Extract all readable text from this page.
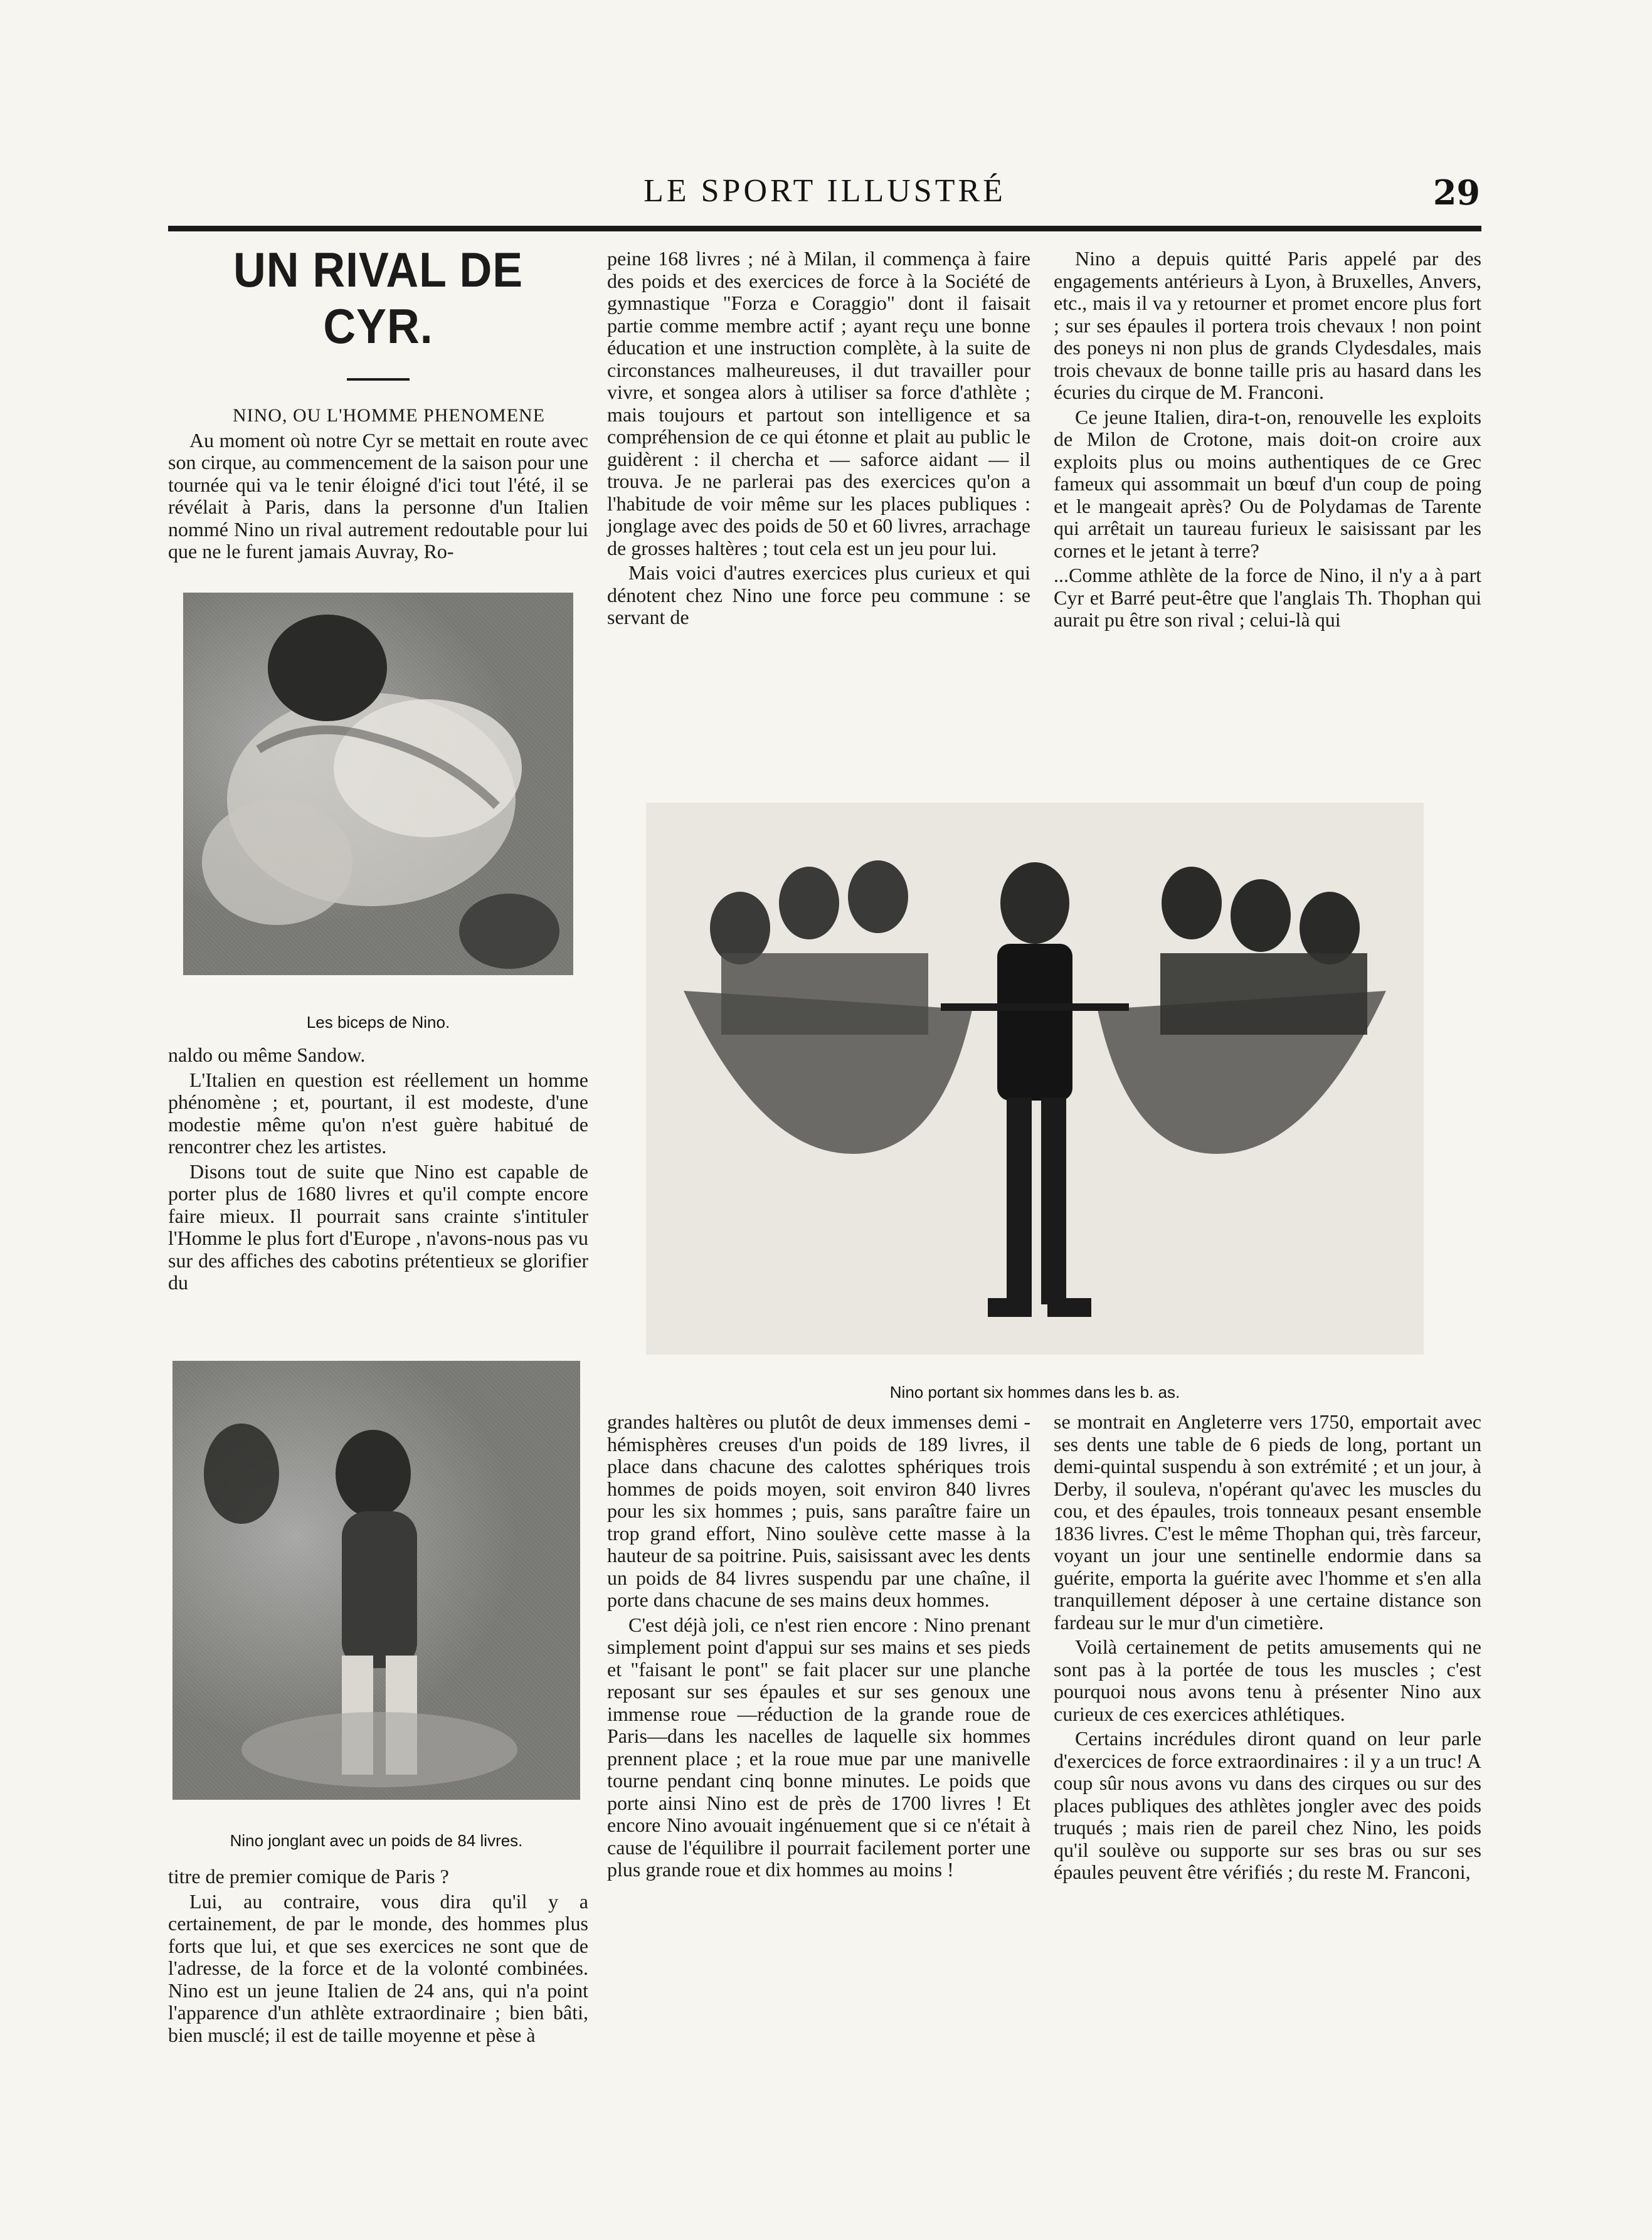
LE SPORT ILLUSTRÉ	29
UN RIVAL DE CYR.

NINO, OU L'HOMME PHENOMENE

Au moment où notre Cyr se mettait en route avec son cirque, au commencement de la saison pour une tournée qui va le tenir éloigné d'ici tout l'été, il se révélait à Paris, dans la personne d'un Italien nommé Nino un rival autrement redoutable pour lui que ne le furent jamais Auvray, Ro-

Les biceps de Nino.

naldo ou même Sandow.

L'Italien en question est réellement un homme phénomène ; et, pourtant, il est modeste, d'une modestie même qu'on n'est guère habitué de rencontrer chez les artistes.

Disons tout de suite que Nino est capable de porter plus de 1680 livres et qu'il compte encore faire mieux. Il pourrait sans crainte s'intituler l'Homme le plus fort d'Europe , n'avons-nous pas vu sur des affiches des cabotins prétentieux se glorifier du

Nino jonglant avec un poids de 84 livres.

titre de premier comique de Paris ?

Lui, au contraire, vous dira qu'il y a certainement, de par le monde, des hommes plus forts que lui, et que ses exercices ne sont que de l'adresse, de la force et de la volonté combinées. Nino est un jeune Italien de 24 ans, qui n'a point l'apparence d'un athlète extraordinaire ; bien bâti, bien musclé; il est de taille moyenne et pèse à

peine 168 livres ; né à Milan, il commença à faire des poids et des exercices de force à la Société de gymnastique "Forza e Coraggio" dont il faisait partie comme membre actif ; ayant reçu une bonne éducation et une instruction complète, à la suite de circonstances malheureuses, il dut travailler pour vivre, et songea alors à utiliser sa force d'athlète ; mais toujours et partout son intelligence et sa compréhension de ce qui étonne et plait au public le guidèrent : il chercha et — saforce aidant — il trouva. Je ne parlerai pas des exercices qu'on a l'habitude de voir même sur les places publiques : jonglage avec des poids de 50 et 60 livres, arrachage de grosses haltères ; tout cela est un jeu pour lui.

Mais voici d'autres exercices plus curieux et qui dénotent chez Nino une force peu commune : se servant de

Nino a depuis quitté Paris appelé par des engagements antérieurs à Lyon, à Bruxelles, Anvers, etc., mais il va y retourner et promet encore plus fort ; sur ses épaules il portera trois chevaux ! non point des poneys ni non plus de grands Clydesdales, mais trois chevaux de bonne taille pris au hasard dans les écuries du cirque de M. Franconi.

Ce jeune Italien, dira-t-on, renouvelle les exploits de Milon de Crotone, mais doit-on croire aux exploits plus ou moins authentiques de ce Grec fameux qui assommait un bœuf d'un coup de poing et le mangeait après? Ou de Polydamas de Tarente qui arrêtait un taureau furieux le saisissant par les cornes et le jetant à terre?

...Comme athlète de la force de Nino, il n'y a à part Cyr et Barré peut-être que l'anglais Th. Thophan qui aurait pu être son rival ; celui-là qui

Nino portant six hommes dans les b. as.

grandes haltères ou plutôt de deux immenses demi - hémisphères creuses d'un poids de 189 livres, il place dans chacune des calottes sphériques trois hommes de poids moyen, soit environ 840 livres pour les six hommes ; puis, sans paraître faire un trop grand effort, Nino soulève cette masse à la hauteur de sa poitrine. Puis, saisissant avec les dents un poids de 84 livres suspendu par une chaîne, il porte dans chacune de ses mains deux hommes.

C'est déjà joli, ce n'est rien encore : Nino prenant simplement point d'appui sur ses mains et ses pieds et "faisant le pont" se fait placer sur une planche reposant sur ses épaules et sur ses genoux une immense roue —réduction de la grande roue de Paris—dans les nacelles de laquelle six hommes prennent place ; et la roue mue par une manivelle tourne pendant cinq bonne minutes. Le poids que porte ainsi Nino est de près de 1700 livres ! Et encore Nino avouait ingénuement que si ce n'était à cause de l'équilibre il pourrait facilement porter une plus grande roue et dix hommes au moins !

se montrait en Angleterre vers 1750, emportait avec ses dents une table de 6 pieds de long, portant un demi-quintal suspendu à son extrémité ; et un jour, à Derby, il souleva, n'opérant qu'avec les muscles du cou, et des épaules, trois tonneaux pesant ensemble 1836 livres. C'est le même Thophan qui, très farceur, voyant un jour une sentinelle endormie dans sa guérite, emporta la guérite avec l'homme et s'en alla tranquillement déposer à une certaine distance son fardeau sur le mur d'un cimetière.

Voilà certainement de petits amusements qui ne sont pas à la portée de tous les muscles ; c'est pourquoi nous avons tenu à présenter Nino aux curieux de ces exercices athlétiques.

Certains incrédules diront quand on leur parle d'exercices de force extraordinaires : il y a un truc! A coup sûr nous avons vu dans des cirques ou sur des places publiques des athlètes jongler avec des poids truqués ; mais rien de pareil chez Nino, les poids qu'il soulève ou supporte sur ses bras ou sur ses épaules peuvent être vérifiés ; du reste M. Franconi,
